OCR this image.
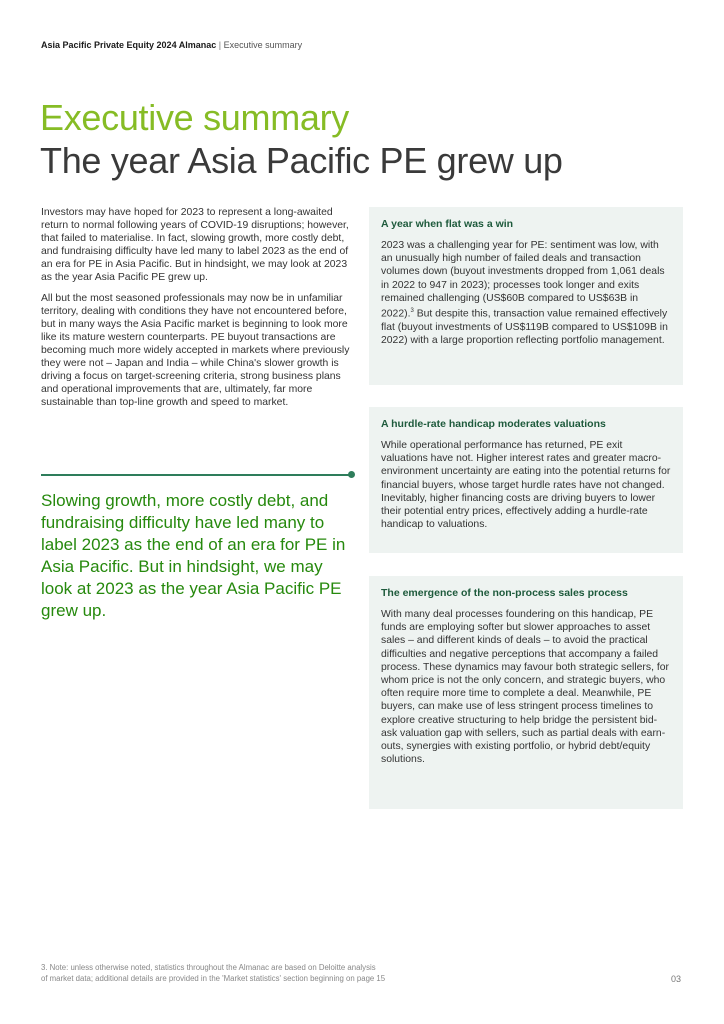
Asia Pacific Private Equity 2024 Almanac | Executive summary
Executive summary
The year Asia Pacific PE grew up

Investors may have hoped for 2023 to represent a long-awaited return to normal following years of COVID-19 disruptions; however, that failed to materialise. In fact, slowing growth, more costly debt, and fundraising difficulty have led many to label 2023 as the end of an era for PE in Asia Pacific. But in hindsight, we may look at 2023 as the year Asia Pacific PE grew up.

All but the most seasoned professionals may now be in unfamiliar territory, dealing with conditions they have not encountered before, but in many ways the Asia Pacific market is beginning to look more like its mature western counterparts. PE buyout transactions are becoming much more widely accepted in markets where previously they were not – Japan and India – while China's slower growth is driving a focus on target-screening criteria, strong business plans and operational improvements that are, ultimately, far more sustainable than top-line growth and speed to market.

Slowing growth, more costly debt, and fundraising difficulty have led many to label 2023 as the end of an era for PE in Asia Pacific. But in hindsight, we may look at 2023 as the year Asia Pacific PE grew up.
A year when flat was a win

2023 was a challenging year for PE: sentiment was low, with an unusually high number of failed deals and transaction volumes down (buyout investments dropped from 1,061 deals in 2022 to 947 in 2023); processes took longer and exits remained challenging (US$60B compared to US$63B in 2022).$^3$ But despite this, transaction value remained effectively flat (buyout investments of US$119B compared to US$109B in 2022) with a large proportion reflecting portfolio management.

A hurdle-rate handicap moderates valuations

While operational performance has returned, PE exit valuations have not. Higher interest rates and greater macro-environment uncertainty are eating into the potential returns for financial buyers, whose target hurdle rates have not changed. Inevitably, higher financing costs are driving buyers to lower their potential entry prices, effectively adding a hurdle-rate handicap to valuations.

The emergence of the non-process sales process

With many deal processes foundering on this handicap, PE funds are employing softer but slower approaches to asset sales – and different kinds of deals – to avoid the practical difficulties and negative perceptions that accompany a failed process. These dynamics may favour both strategic sellers, for whom price is not the only concern, and strategic buyers, who often require more time to complete a deal. Meanwhile, PE buyers, can make use of less stringent process timelines to explore creative structuring to help bridge the persistent bid-ask valuation gap with sellers, such as partial deals with earn-outs, synergies with existing portfolio, or hybrid debt/equity solutions.

3. Note: unless otherwise noted, statistics throughout the Almanac are based on Deloitte analysis
of market data; additional details are provided in the 'Market statistics' section beginning on page 15	03
